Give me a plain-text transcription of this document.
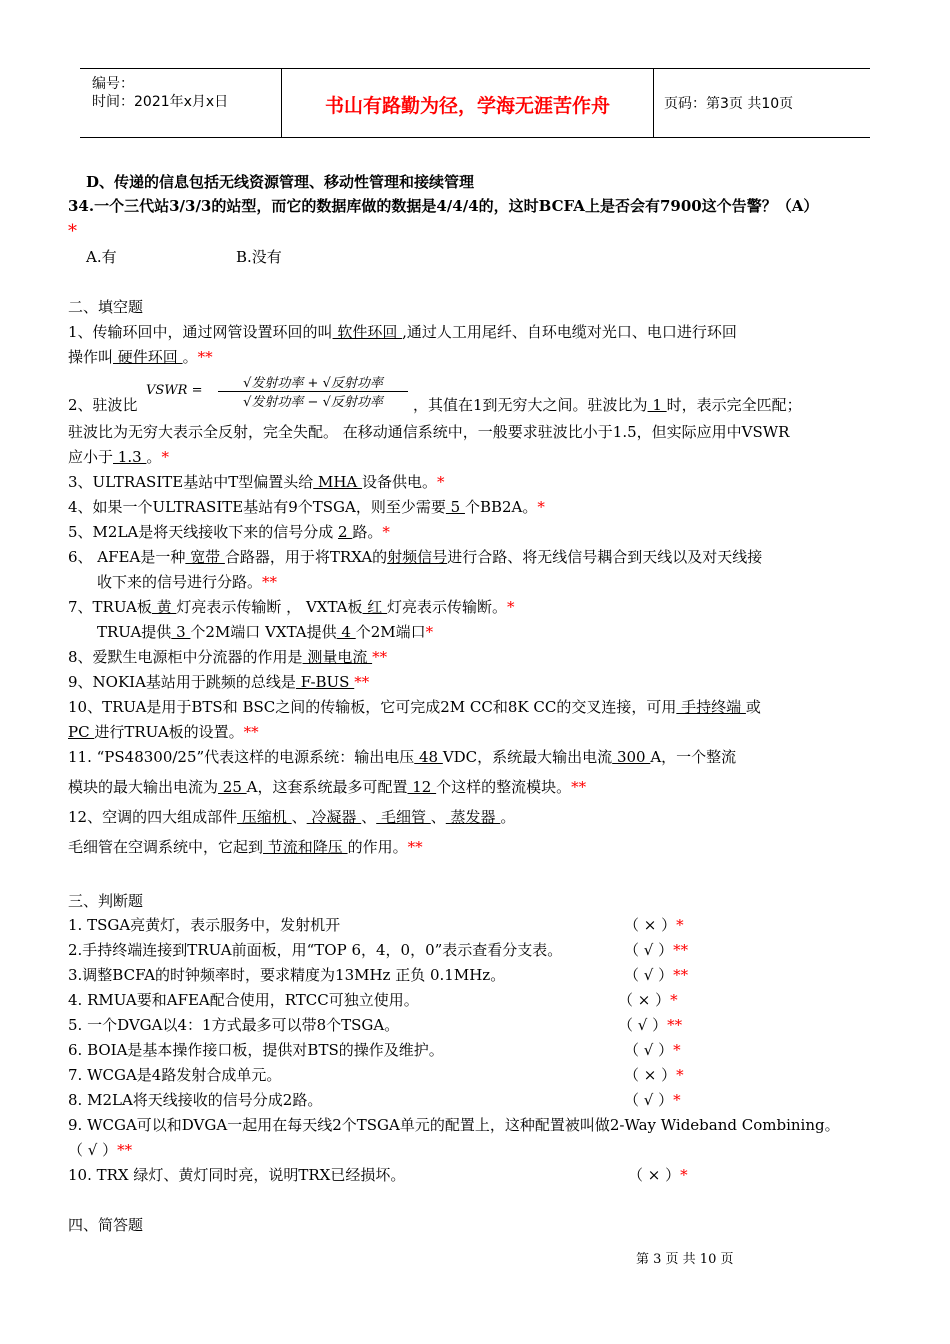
编号：
时间：2021年x月x日	书山有路勤为径，学海无涯苦作舟	页码：第3页 共10页
D、传递的信息包括无线资源管理、移动性管理和接续管理
34.一个三代站3/3/3的站型，而它的数据库做的数据是4/4/4的，这时BCFA上是否会有7900这个告警？（A）
*
A.有	B.没有
二、填空题
1、传输环回中，通过网管设置环回的叫 软件环回 ,通过人工用尾纤、自环电缆对光口、电口进行环回
操作叫 硬件环回 。**
2、驻波比
VSWR =	√发射功率 + √反射功率
√发射功率 − √反射功率	，其值在1到无穷大之间。驻波比为 1 时，表示完全匹配；
驻波比为无穷大表示全反射，完全失配。 在移动通信系统中，一般要求驻波比小于1.5，但实际应用中VSWR
应小于 1.3 。*
3、ULTRASITE基站中T型偏置头给 MHA 设备供电。*
4、如果一个ULTRASITE基站有9个TSGA，则至少需要 5 个BB2A。*
5、M2LA是将天线接收下来的信号分成 2 路。*
6、 AFEA是一种 宽带 合路器，用于将TRXA的射频信号进行合路、将无线信号耦合到天线以及对天线接
收下来的信号进行分路。**
7、TRUA板 黄 灯亮表示传输断 ， VXTA板 红 灯亮表示传输断。*
TRUA提供 3 个2M端口 VXTA提供 4 个2M端口*
8、爱默生电源柜中分流器的作用是 测量电流 **
9、NOKIA基站用于跳频的总线是 F-BUS **
10、TRUA是用于BTS和 BSC之间的传输板，它可完成2M CC和8K CC的交叉连接，可用 手持终端 或
PC 进行TRUA板的设置。**
11. “PS48300/25”代表这样的电源系统：输出电压 48 VDC，系统最大输出电流 300 A，一个整流
模块的最大输出电流为 25 A，这套系统最多可配置 12 个这样的整流模块。**
12、空调的四大组成部件 压缩机 、 冷凝器 、 毛细管 、 蒸发器 。
毛细管在空调系统中，它起到 节流和降压 的作用。**
三、判断题
1. TSGA亮黄灯，表示服务中，发射机开	（ × ）*
2.手持终端连接到TRUA前面板，用“TOP 6，4，0，0”表示查看分支表。	（ √ ）**
3.调整BCFA的时钟频率时，要求精度为13MHz 正负 0.1MHz。	（ √ ）**
4. RMUA要和AFEA配合使用，RTCC可独立使用。	（ × ）*
5. 一个DVGA以4：1方式最多可以带8个TSGA。	（ √ ）**
6. BOIA是基本操作接口板，提供对BTS的操作及维护。	（ √ ）*
7. WCGA是4路发射合成单元。	（ × ）*
8. M2LA将天线接收的信号分成2路。	（ √ ）*
9. WCGA可以和DVGA一起用在每天线2个TSGA单元的配置上，这种配置被叫做2-Way Wideband Combining。
（ √ ）**
10. TRX 绿灯、黄灯同时亮，说明TRX已经损坏。	（ × ）*
四、简答题
第 3 页 共 10 页
